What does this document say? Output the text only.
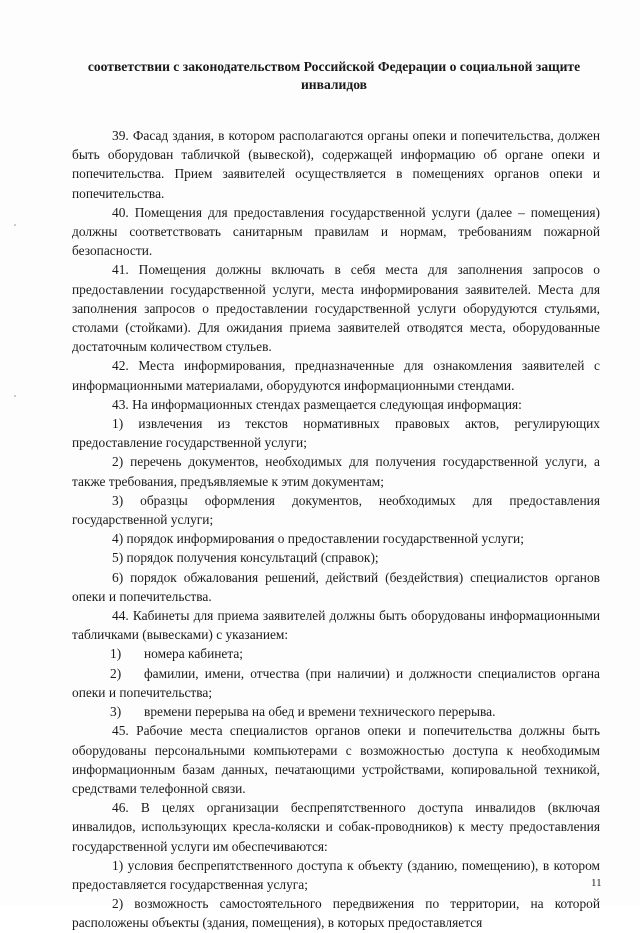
соответствии с законодательством Российской Федерации о социальной защите инвалидов

39. Фасад здания, в котором располагаются органы опеки и попечительства, должен быть оборудован табличкой (вывеской), содержащей информацию об органе опеки и попечительства. Прием заявителей осуществляется в помещениях органов опеки и попечительства.

40. Помещения для предоставления государственной услуги (далее – помещения) должны соответствовать санитарным правилам и нормам, требованиям пожарной безопасности.

41. Помещения должны включать в себя места для заполнения запросов о предоставлении государственной услуги, места информирования заявителей. Места для заполнения запросов о предоставлении государственной услуги оборудуются стульями, столами (стойками). Для ожидания приема заявителей отводятся места, оборудованные достаточным количеством стульев.

42. Места информирования, предназначенные для ознакомления заявителей с информационными материалами, оборудуются информационными стендами.

43. На информационных стендах размещается следующая информация:

1) извлечения из текстов нормативных правовых актов, регулирующих предоставление государственной услуги;

2) перечень документов, необходимых для получения государственной услуги, а также требования, предъявляемые к этим документам;

3) образцы оформления документов, необходимых для предоставления государственной услуги;

4) порядок информирования о предоставлении государственной услуги;

5) порядок получения консультаций (справок);

6) порядок обжалования решений, действий (бездействия) специалистов органов опеки и попечительства.

44. Кабинеты для приема заявителей должны быть оборудованы информационными табличками (вывесками) с указанием:

1) номера кабинета;

2) фамилии, имени, отчества (при наличии) и должности специалистов органа опеки и попечительства;

3) времени перерыва на обед и времени технического перерыва.

45. Рабочие места специалистов органов опеки и попечительства должны быть оборудованы персональными компьютерами с возможностью доступа к необходимым информационным базам данных, печатающими устройствами, копировальной техникой, средствами телефонной связи.

46. В целях организации беспрепятственного доступа инвалидов (включая инвалидов, использующих кресла-коляски и собак-проводников) к месту предоставления государственной услуги им обеспечиваются:

1) условия беспрепятственного доступа к объекту (зданию, помещению), в котором предоставляется государственная услуга;

2) возможность самостоятельного передвижения по территории, на которой расположены объекты (здания, помещения), в которых предоставляется

11
